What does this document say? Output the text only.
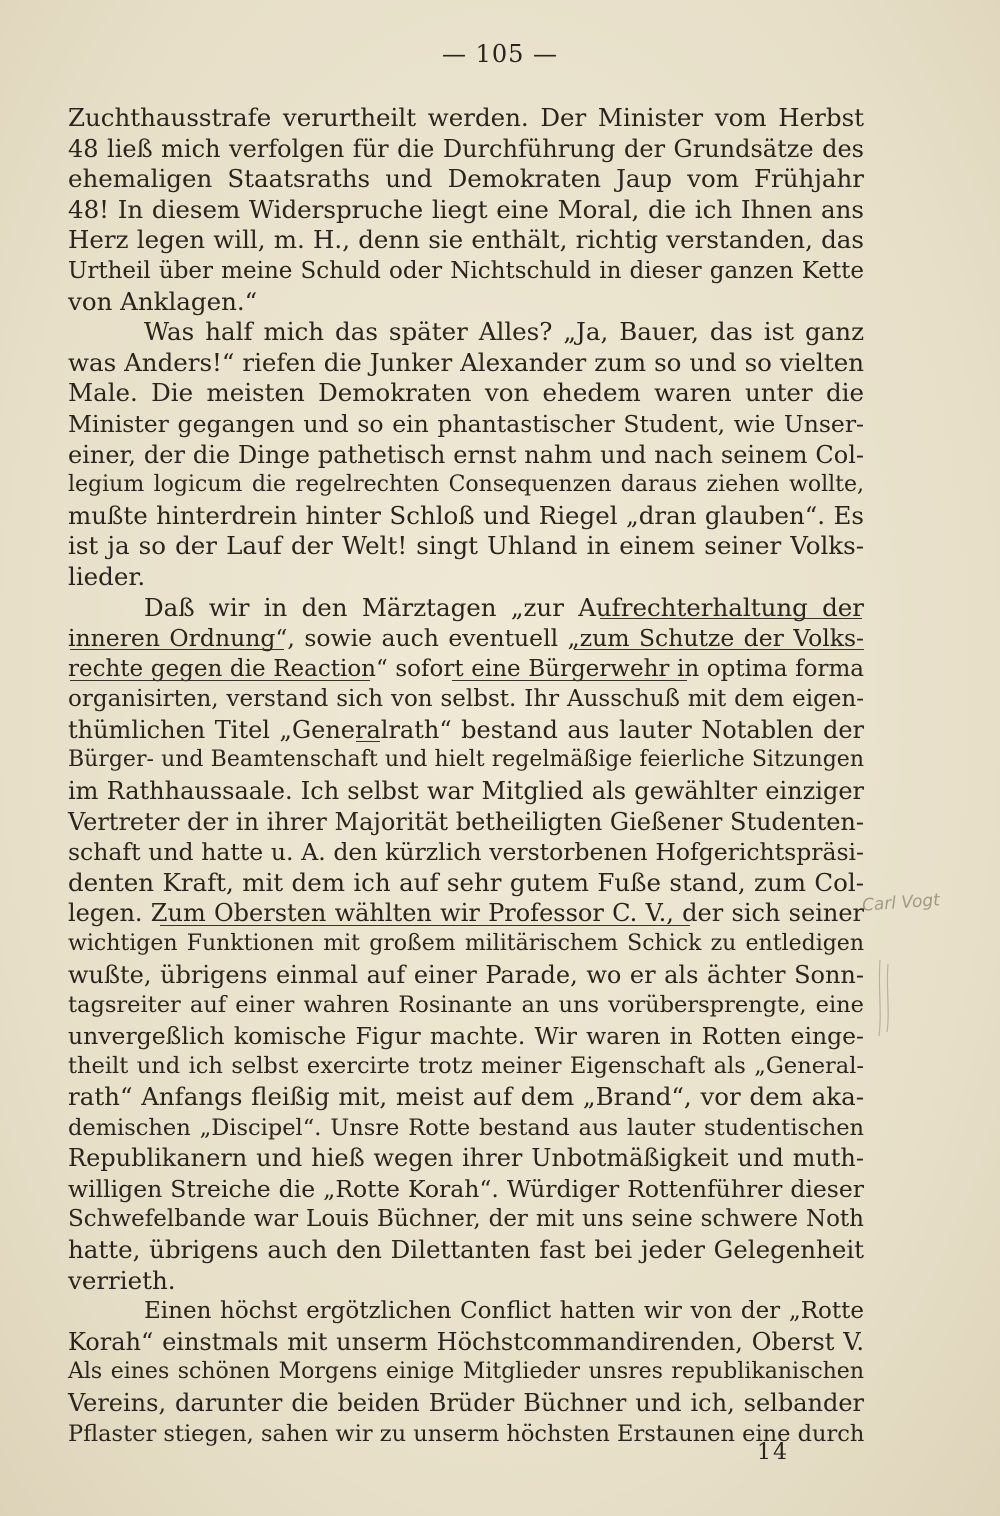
— 105 —
Zuchthausstrafe verurtheilt werden. Der Minister vom Herbst
48 ließ mich verfolgen für die Durchführung der Grundsätze des
ehemaligen Staatsraths und Demokraten Jaup vom Frühjahr
48! In diesem Widerspruche liegt eine Moral, die ich Ihnen ans
Herz legen will, m. H., denn sie enthält, richtig verstanden, das
Urtheil über meine Schuld oder Nichtschuld in dieser ganzen Kette
von Anklagen.“
Was half mich das später Alles? „Ja, Bauer, das ist ganz
was Anders!“ riefen die Junker Alexander zum so und so vielten
Male. Die meisten Demokraten von ehedem waren unter die
Minister gegangen und so ein phantastischer Student, wie Unser-
einer, der die Dinge pathetisch ernst nahm und nach seinem Col-
legium logicum die regelrechten Consequenzen daraus ziehen wollte,
mußte hinterdrein hinter Schloß und Riegel „dran glauben“. Es
ist ja so der Lauf der Welt! singt Uhland in einem seiner Volks-
lieder.
Daß wir in den Märztagen „zur Aufrechterhaltung der
inneren Ordnung“, sowie auch eventuell „zum Schutze der Volks-
rechte gegen die Reaction“ sofort eine Bürgerwehr in optima forma
organisirten, verstand sich von selbst. Ihr Ausschuß mit dem eigen-
thümlichen Titel „Generalrath“ bestand aus lauter Notablen der
Bürger- und Beamtenschaft und hielt regelmäßige feierliche Sitzungen
im Rathhaussaale. Ich selbst war Mitglied als gewählter einziger
Vertreter der in ihrer Majorität betheiligten Gießener Studenten-
schaft und hatte u. A. den kürzlich verstorbenen Hofgerichtspräsi-
denten Kraft, mit dem ich auf sehr gutem Fuße stand, zum Col-
legen. Zum Obersten wählten wir Professor C. V., der sich seiner
wichtigen Funktionen mit großem militärischem Schick zu entledigen
wußte, übrigens einmal auf einer Parade, wo er als ächter Sonn-
tagsreiter auf einer wahren Rosinante an uns vorübersprengte, eine
unvergeßlich komische Figur machte. Wir waren in Rotten einge-
theilt und ich selbst exercirte trotz meiner Eigenschaft als „General-
rath“ Anfangs fleißig mit, meist auf dem „Brand“, vor dem aka-
demischen „Discipel“. Unsre Rotte bestand aus lauter studentischen
Republikanern und hieß wegen ihrer Unbotmäßigkeit und muth-
willigen Streiche die „Rotte Korah“. Würdiger Rottenführer dieser
Schwefelbande war Louis Büchner, der mit uns seine schwere Noth
hatte, übrigens auch den Dilettanten fast bei jeder Gelegenheit
verrieth.
Einen höchst ergötzlichen Conflict hatten wir von der „Rotte
Korah“ einstmals mit unserm Höchstcommandirenden, Oberst V.
Als eines schönen Morgens einige Mitglieder unsres republikanischen
Vereins, darunter die beiden Brüder Büchner und ich, selbander
Pflaster stiegen, sahen wir zu unserm höchsten Erstaunen eine durch
Carl Vogt
14
